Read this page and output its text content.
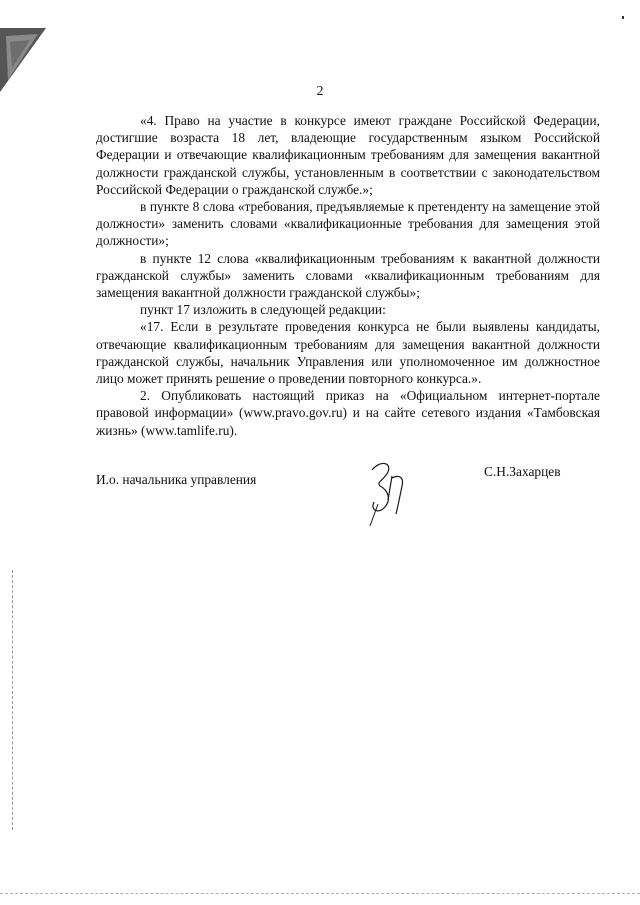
2

«4. Право на участие в конкурсе имеют граждане Российской Федерации, достигшие возраста 18 лет, владеющие государственным языком Российской Федерации и отвечающие квалификационным требованиям для замещения вакантной должности гражданской службы, установленным в соответствии с законодательством Российской Федерации о гражданской службе.»;

в пункте 8 слова «требования, предъявляемые к претенденту на замещение этой должности» заменить словами «квалификационные требования для замещения этой должности»;

в пункте 12 слова «квалификационным требованиям к вакантной должности гражданской службы» заменить словами «квалификационным требованиям для замещения вакантной должности гражданской службы»;

пункт 17 изложить в следующей редакции:

«17. Если в результате проведения конкурса не были выявлены кандидаты, отвечающие квалификационным требованиям для замещения вакантной должности гражданской службы, начальник Управления или уполномоченное им должностное лицо может принять решение о проведении повторного конкурса.».

2. Опубликовать настоящий приказ на «Официальном интернет-портале правовой информации» (www.pravo.gov.ru) и на сайте сетевого издания «Тамбовская жизнь» (www.tamlife.ru).

И.о. начальника управления
С.Н.Захарцев
